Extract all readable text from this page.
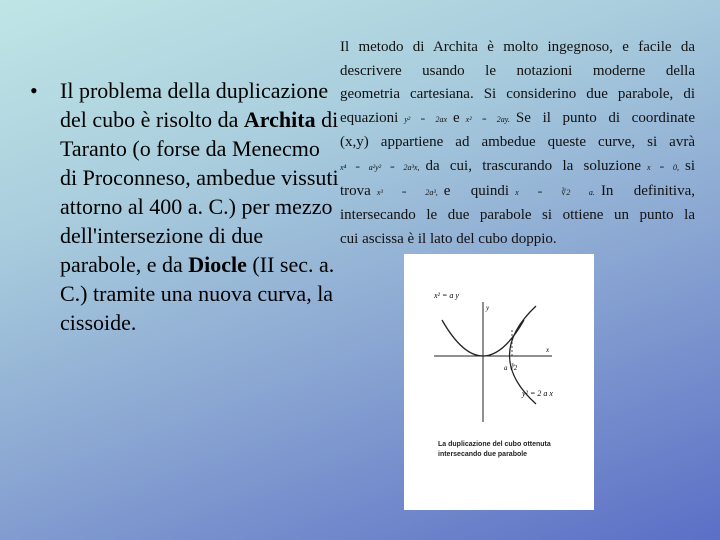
• Il problema della duplicazione del cubo è risolto da Archita di Taranto (o forse da Menecmo di Proconneso, ambedue vissuti attorno al 400 a. C.) per mezzo dell'intersezione di due parabole, e da Diocle (II sec. a. C.) tramite una nuova curva, la cissoide.
Il metodo di Archita è molto ingegnoso, e facile da
descrivere usando le notazioni moderne della
geometria cartesiana. Si considerino due parabole, di
equazioni y² = 2ax e x² = 2ay. Se il punto di coordinate
(x,y) appartiene ad ambedue queste curve, si avrà
x⁴ = a²y² = 2a³x, da cui, trascurando la soluzione x = 0, si
trova x³ = 2a³, e quindi x = ∛2 a. In definitiva,
intersecando le due parabole si ottiene un punto la
cui ascissa è il lato del cubo doppio.
x² = a y
y
x
a ∛2
y² = 2 a x
La duplicazione del cubo ottenuta intersecando due parabole
